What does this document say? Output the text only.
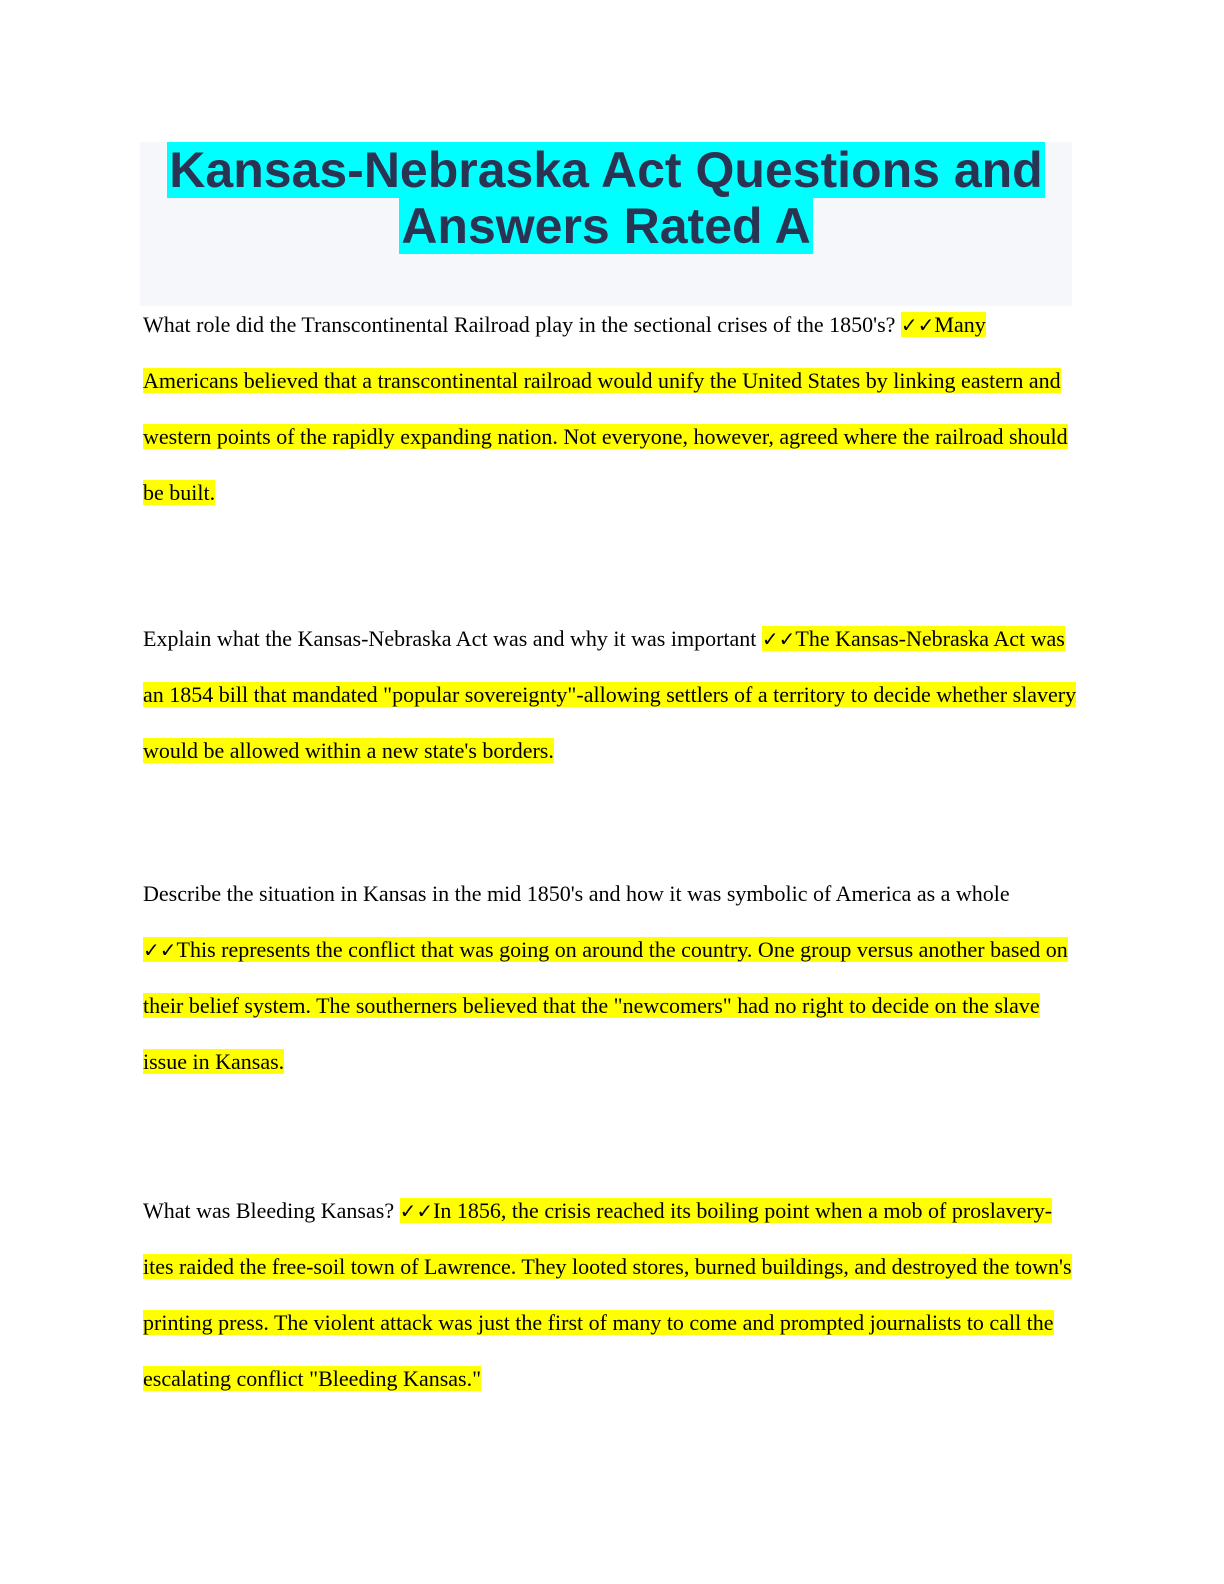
Kansas-Nebraska Act Questions and
Answers Rated A

What role did the Transcontinental Railroad play in the sectional crises of the 1850's? ✓✓Many Americans believed that a transcontinental railroad would unify the United States by linking eastern and western points of the rapidly expanding nation. Not everyone, however, agreed where the railroad should be built.

Explain what the Kansas-Nebraska Act was and why it was important ✓✓The Kansas-Nebraska Act was an 1854 bill that mandated "popular sovereignty"-allowing settlers of a territory to decide whether slavery would be allowed within a new state's borders.

Describe the situation in Kansas in the mid 1850's and how it was symbolic of America as a whole ✓✓This represents the conflict that was going on around the country. One group versus another based on their belief system. The southerners believed that the "newcomers" had no right to decide on the slave issue in Kansas.

What was Bleeding Kansas? ✓✓In 1856, the crisis reached its boiling point when a mob of proslavery-ites raided the free-soil town of Lawrence. They looted stores, burned buildings, and destroyed the town's printing press. The violent attack was just the first of many to come and prompted journalists to call the escalating conflict "Bleeding Kansas."
